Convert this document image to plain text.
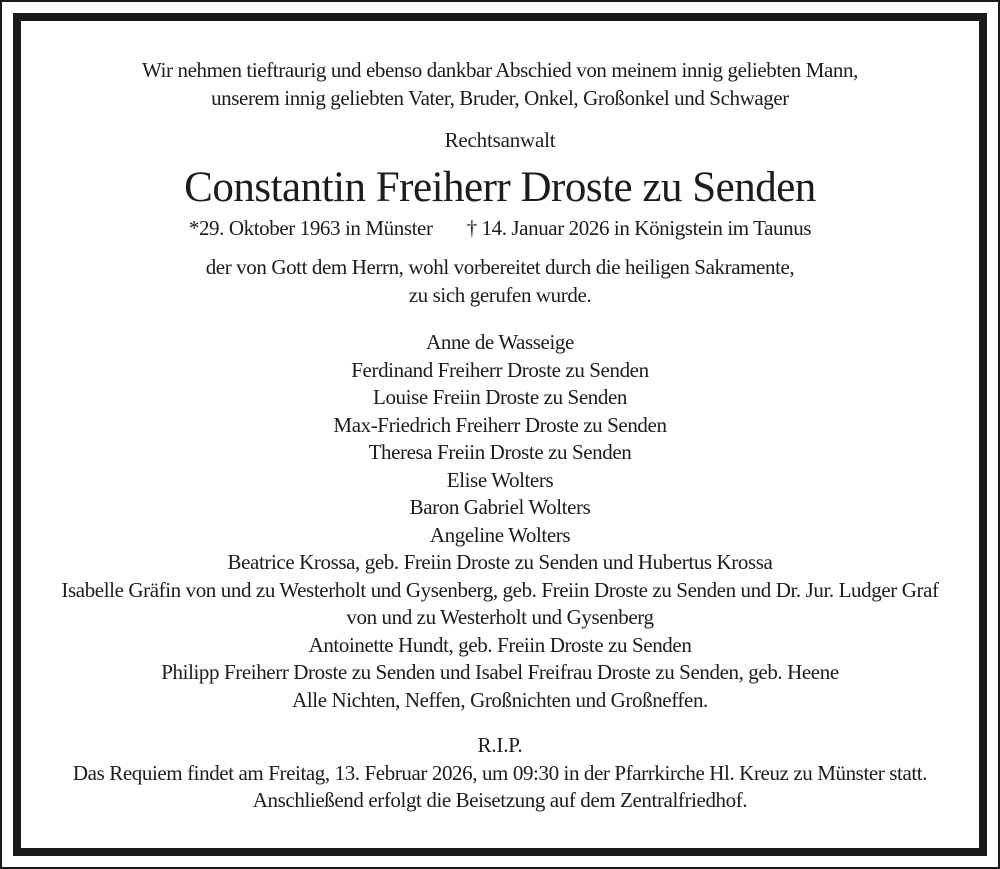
Wir nehmen tieftraurig und ebenso dankbar Abschied von meinem innig geliebten Mann,
unserem innig geliebten Vater, Bruder, Onkel, Großonkel und Schwager
Rechtsanwalt
Constantin Freiherr Droste zu Senden
*29. Oktober 1963 in Münster † 14. Januar 2026 in Königstein im Taunus
der von Gott dem Herrn, wohl vorbereitet durch die heiligen Sakramente,
zu sich gerufen wurde.
Anne de Wasseige
Ferdinand Freiherr Droste zu Senden
Louise Freiin Droste zu Senden
Max-Friedrich Freiherr Droste zu Senden
Theresa Freiin Droste zu Senden
Elise Wolters
Baron Gabriel Wolters
Angeline Wolters
Beatrice Krossa, geb. Freiin Droste zu Senden und Hubertus Krossa
Isabelle Gräfin von und zu Westerholt und Gysenberg, geb. Freiin Droste zu Senden und Dr. Jur. Ludger Graf von und zu Westerholt und Gysenberg
Antoinette Hundt, geb. Freiin Droste zu Senden
Philipp Freiherr Droste zu Senden und Isabel Freifrau Droste zu Senden, geb. Heene
Alle Nichten, Neffen, Großnichten und Großneffen.
R.I.P.
Das Requiem findet am Freitag, 13. Februar 2026, um 09:30 in der Pfarrkirche Hl. Kreuz zu Münster statt. Anschließend erfolgt die Beisetzung auf dem Zentralfriedhof.
